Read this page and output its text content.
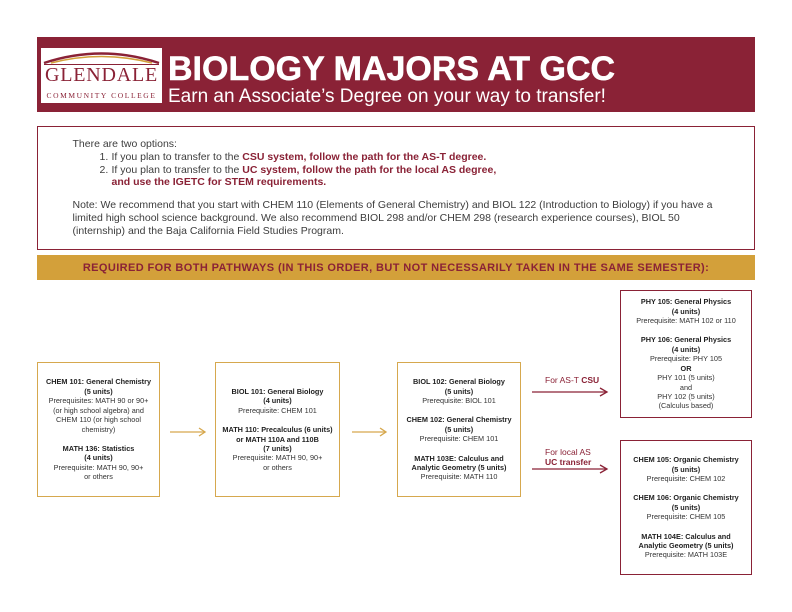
GLENDALE
COMMUNITY COLLEGE
BIOLOGY MAJORS AT GCC
Earn an Associate’s Degree on your way to transfer!
There are two options:
1. If you plan to transfer to the CSU system, follow the path for the AS-T degree.
2. If you plan to transfer to the UC system, follow the path for the local AS degree,
and use the IGETC for STEM requirements.
Note: We recommend that you start with CHEM 110 (Elements of General Chemistry) and BIOL 122 (Introduction to Biology) if you have a limited high school science background. We also recommend BIOL 298 and/or CHEM 298 (research experience courses), BIOL 50 (internship) and the Baja California Field Studies Program.
REQUIRED FOR BOTH PATHWAYS (IN THIS ORDER, BUT NOT NECESSARILY TAKEN IN THE SAME SEMESTER):
CHEM 101: General Chemistry
(5 units)
Prerequisites: MATH 90 or 90+
(or high school algebra) and
CHEM 110 (or high school
chemistry)
MATH 136: Statistics
(4 units)
Prerequisite: MATH 90, 90+
or others
BIOL 101: General Biology
(4 units)
Prerequisite: CHEM 101
MATH 110: Precalculus (6 units)
or MATH 110A and 110B
(7 units)
Prerequisite: MATH 90, 90+
or others
BIOL 102: General Biology
(5 units)
Prerequisite: BIOL 101
CHEM 102: General Chemistry
(5 units)
Prerequisite: CHEM 101
MATH 103E: Calculus and
Analytic Geometry (5 units)
Prerequisite: MATH 110
For AS-T CSU
For local AS
UC transfer
PHY 105: General Physics
(4 units)
Prerequisite: MATH 102 or 110
PHY 106: General Physics
(4 units)
Prerequisite: PHY 105
OR
PHY 101 (5 units)
and
PHY 102 (5 units)
(Calculus based)
CHEM 105: Organic Chemistry
(5 units)
Prerequisite: CHEM 102
CHEM 106: Organic Chemistry
(5 units)
Prerequisite: CHEM 105
MATH 104E: Calculus and
Analytic Geometry (5 units)
Prerequisite: MATH 103E
